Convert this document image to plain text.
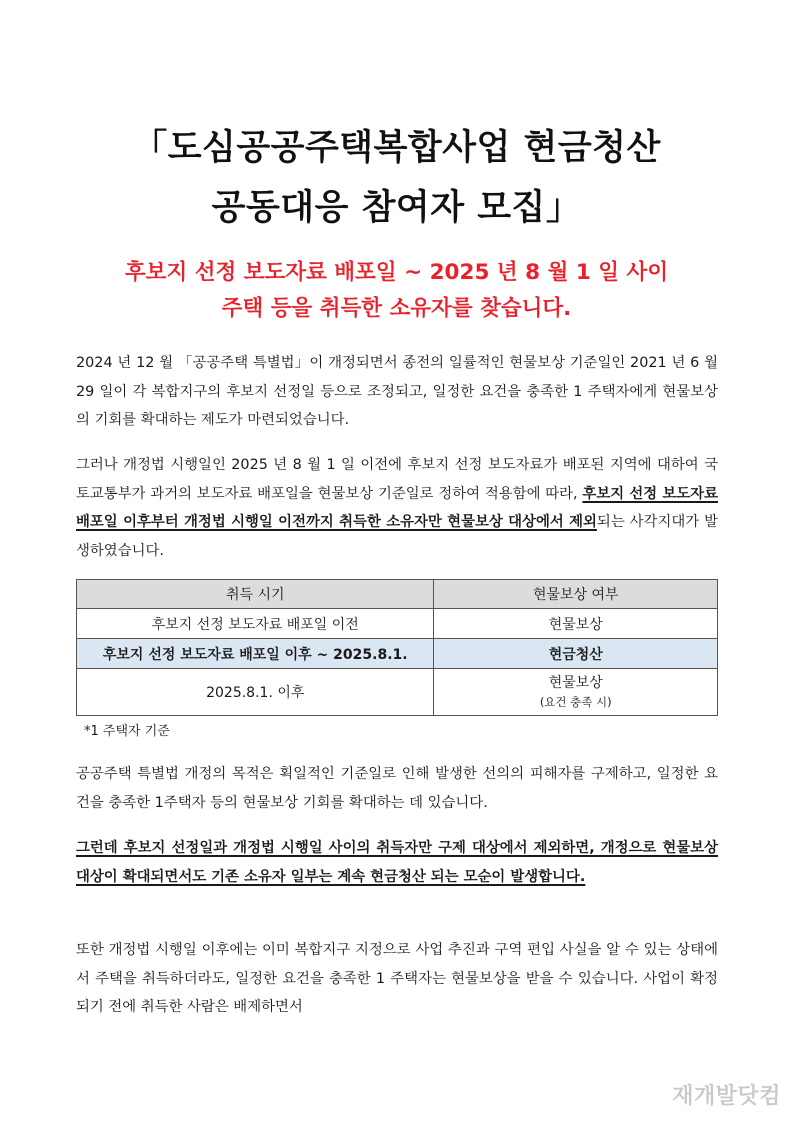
「도심공공주택복합사업 현금청산
공동대응 참여자 모집」
후보지 선정 보도자료 배포일 ~ 2025 년 8 월 1 일 사이
주택 등을 취득한 소유자를 찾습니다.

2024 년 12 월 「공공주택 특별법」이 개정되면서 종전의 일률적인 현물보상 기준일인 2021 년 6 월 29 일이 각 복합지구의 후보지 선정일 등으로 조정되고, 일정한 요건을 충족한 1 주택자에게 현물보상의 기회를 확대하는 제도가 마련되었습니다.

그러나 개정법 시행일인 2025 년 8 월 1 일 이전에 후보지 선정 보도자료가 배포된 지역에 대하여 국토교통부가 과거의 보도자료 배포일을 현물보상 기준일로 정하여 적용함에 따라, 후보지 선정 보도자료 배포일 이후부터 개정법 시행일 이전까지 취득한 소유자만 현물보상 대상에서 제외되는 사각지대가 발생하였습니다.

취득 시기	현물보상 여부
후보지 선정 보도자료 배포일 이전	현물보상
후보지 선정 보도자료 배포일 이후 ~ 2025.8.1.	현금청산
2025.8.1. 이후	현물보상
(요건 충족 시)
*1 주택자 기준

공공주택 특별법 개정의 목적은 획일적인 기준일로 인해 발생한 선의의 피해자를 구제하고, 일정한 요건을 충족한 1주택자 등의 현물보상 기회를 확대하는 데 있습니다.

그런데 후보지 선정일과 개정법 시행일 사이의 취득자만 구제 대상에서 제외하면, 개정으로 현물보상 대상이 확대되면서도 기존 소유자 일부는 계속 현금청산 되는 모순이 발생합니다.

또한 개정법 시행일 이후에는 이미 복합지구 지정으로 사업 추진과 구역 편입 사실을 알 수 있는 상태에서 주택을 취득하더라도, 일정한 요건을 충족한 1 주택자는 현물보상을 받을 수 있습니다. 사업이 확정되기 전에 취득한 사람은 배제하면서

재개발닷컴
